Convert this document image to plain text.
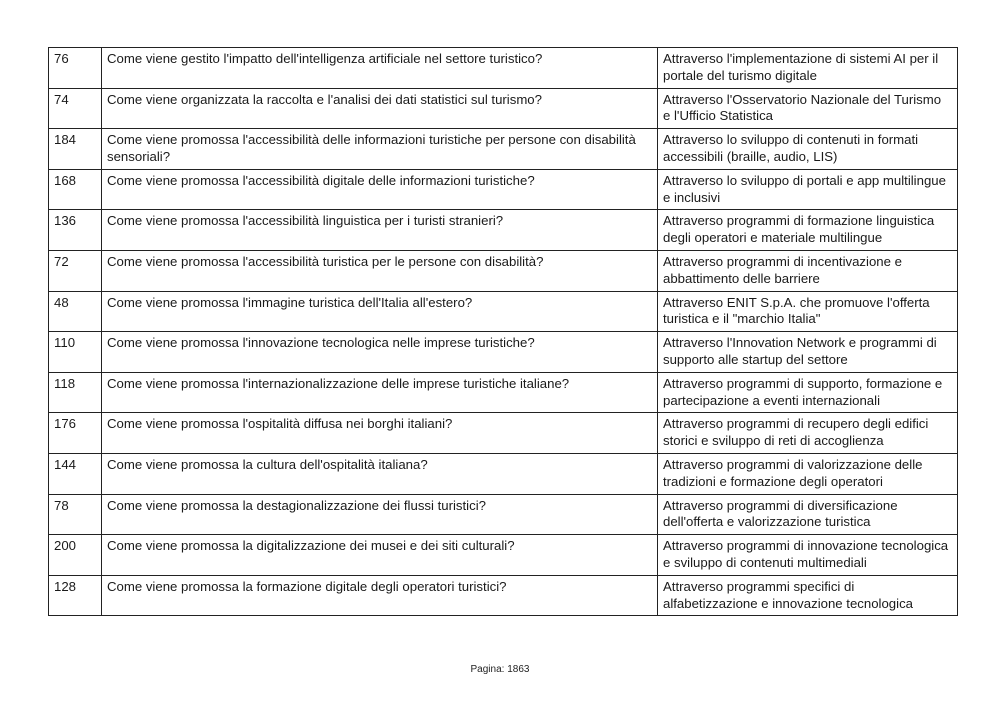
76	Come viene gestito l'impatto dell'intelligenza artificiale nel settore turistico?	Attraverso l'implementazione di sistemi AI per il portale del turismo digitale
74	Come viene organizzata la raccolta e l'analisi dei dati statistici sul turismo?	Attraverso l'Osservatorio Nazionale del Turismo e l'Ufficio Statistica
184	Come viene promossa l'accessibilità delle informazioni turistiche per persone con disabilità sensoriali?	Attraverso lo sviluppo di contenuti in formati accessibili (braille, audio, LIS)
168	Come viene promossa l'accessibilità digitale delle informazioni turistiche?	Attraverso lo sviluppo di portali e app multilingue e inclusivi
136	Come viene promossa l'accessibilità linguistica per i turisti stranieri?	Attraverso programmi di formazione linguistica degli operatori e materiale multilingue
72	Come viene promossa l'accessibilità turistica per le persone con disabilità?	Attraverso programmi di incentivazione e abbattimento delle barriere
48	Come viene promossa l'immagine turistica dell'Italia all'estero?	Attraverso ENIT S.p.A. che promuove l'offerta turistica e il "marchio Italia"
110	Come viene promossa l'innovazione tecnologica nelle imprese turistiche?	Attraverso l'Innovation Network e programmi di supporto alle startup del settore
118	Come viene promossa l'internazionalizzazione delle imprese turistiche italiane?	Attraverso programmi di supporto, formazione e partecipazione a eventi internazionali
176	Come viene promossa l'ospitalità diffusa nei borghi italiani?	Attraverso programmi di recupero degli edifici storici e sviluppo di reti di accoglienza
144	Come viene promossa la cultura dell'ospitalità italiana?	Attraverso programmi di valorizzazione delle tradizioni e formazione degli operatori
78	Come viene promossa la destagionalizzazione dei flussi turistici?	Attraverso programmi di diversificazione dell'offerta e valorizzazione turistica
200	Come viene promossa la digitalizzazione dei musei e dei siti culturali?	Attraverso programmi di innovazione tecnologica e sviluppo di contenuti multimediali
128	Come viene promossa la formazione digitale degli operatori turistici?	Attraverso programmi specifici di alfabetizzazione e innovazione tecnologica
Pagina: 1863
